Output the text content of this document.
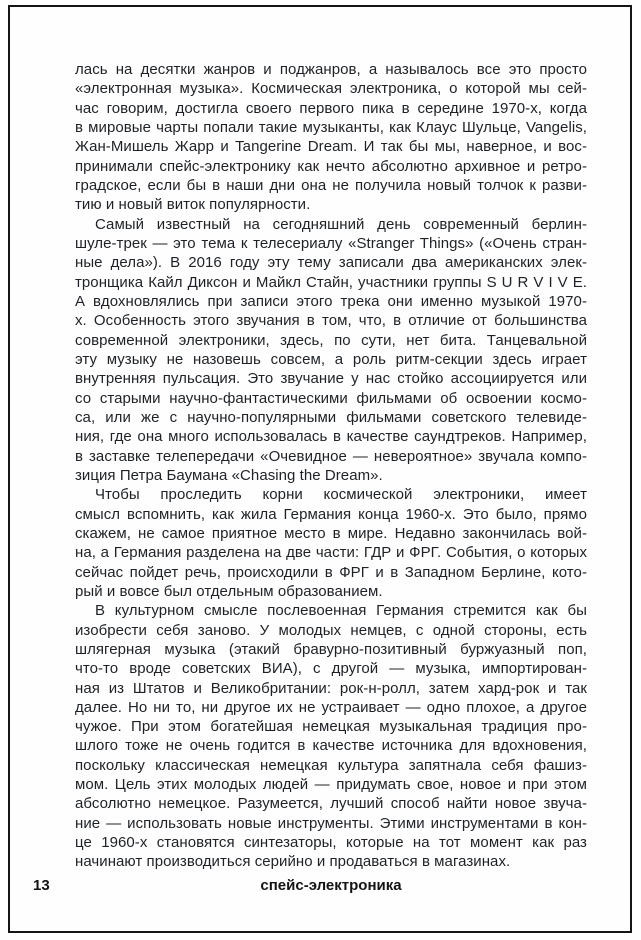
лась на десятки жанров и поджанров, а называлось все это просто
«электронная музыка». Космическая электроника, о которой мы сей-
час говорим, достигла своего первого пика в середине 1970-х, когда
в мировые чарты попали такие музыканты, как Клаус Шульце, Vangelis,
Жан-Мишель Жарр и Tangerine Dream. И так бы мы, наверное, и вос-
принимали спейс-электронику как нечто абсолютно архивное и ретро-
градское, если бы в наши дни она не получила новый толчок к разви-
тию и новый виток популярности.
Самый известный на сегодняшний день современный берлин-
шуле-трек — это тема к телесериалу «Stranger Things» («Очень стран-
ные дела»). В 2016 году эту тему записали два американских элек-
тронщика Кайл Диксон и Майкл Стайн, участники группы S U R V I V E.
А вдохновлялись при записи этого трека они именно музыкой 1970-
х. Особенность этого звучания в том, что, в отличие от большинства
современной электроники, здесь, по сути, нет бита. Танцевальной
эту музыку не назовешь совсем, а роль ритм-секции здесь играет
внутренняя пульсация. Это звучание у нас стойко ассоциируется или
со старыми научно-фантастическими фильмами об освоении космо-
са, или же с научно-популярными фильмами советского телевиде-
ния, где она много использовалась в качестве саундтреков. Например,
в заставке телепередачи «Очевидное — невероятное» звучала компо-
зиция Петра Баумана «Chasing the Dream».
Чтобы проследить корни космической электроники, имеет
смысл вспомнить, как жила Германия конца 1960-х. Это было, прямо
скажем, не самое приятное место в мире. Недавно закончилась вой-
на, а Германия разделена на две части: ГДР и ФРГ. События, о которых
сейчас пойдет речь, происходили в ФРГ и в Западном Берлине, кото-
рый и вовсе был отдельным образованием.
В культурном смысле послевоенная Германия стремится как бы
изобрести себя заново. У молодых немцев, с одной стороны, есть
шлягерная музыка (этакий бравурно-позитивный буржуазный поп,
что-то вроде советских ВИА), с другой — музыка, импортирован-
ная из Штатов и Великобритании: рок-н-ролл, затем хард-рок и так
далее. Но ни то, ни другое их не устраивает — одно плохое, а другое
чужое. При этом богатейшая немецкая музыкальная традиция про-
шлого тоже не очень годится в качестве источника для вдохновения,
поскольку классическая немецкая культура запятнала себя фашиз-
мом. Цель этих молодых людей — придумать свое, новое и при этом
абсолютно немецкое. Разумеется, лучший способ найти новое звуча-
ние — использовать новые инструменты. Этими инструментами в кон-
це 1960-х становятся синтезаторы, которые на тот момент как раз
начинают производиться серийно и продаваться в магазинах.
13	спейс-электроника
